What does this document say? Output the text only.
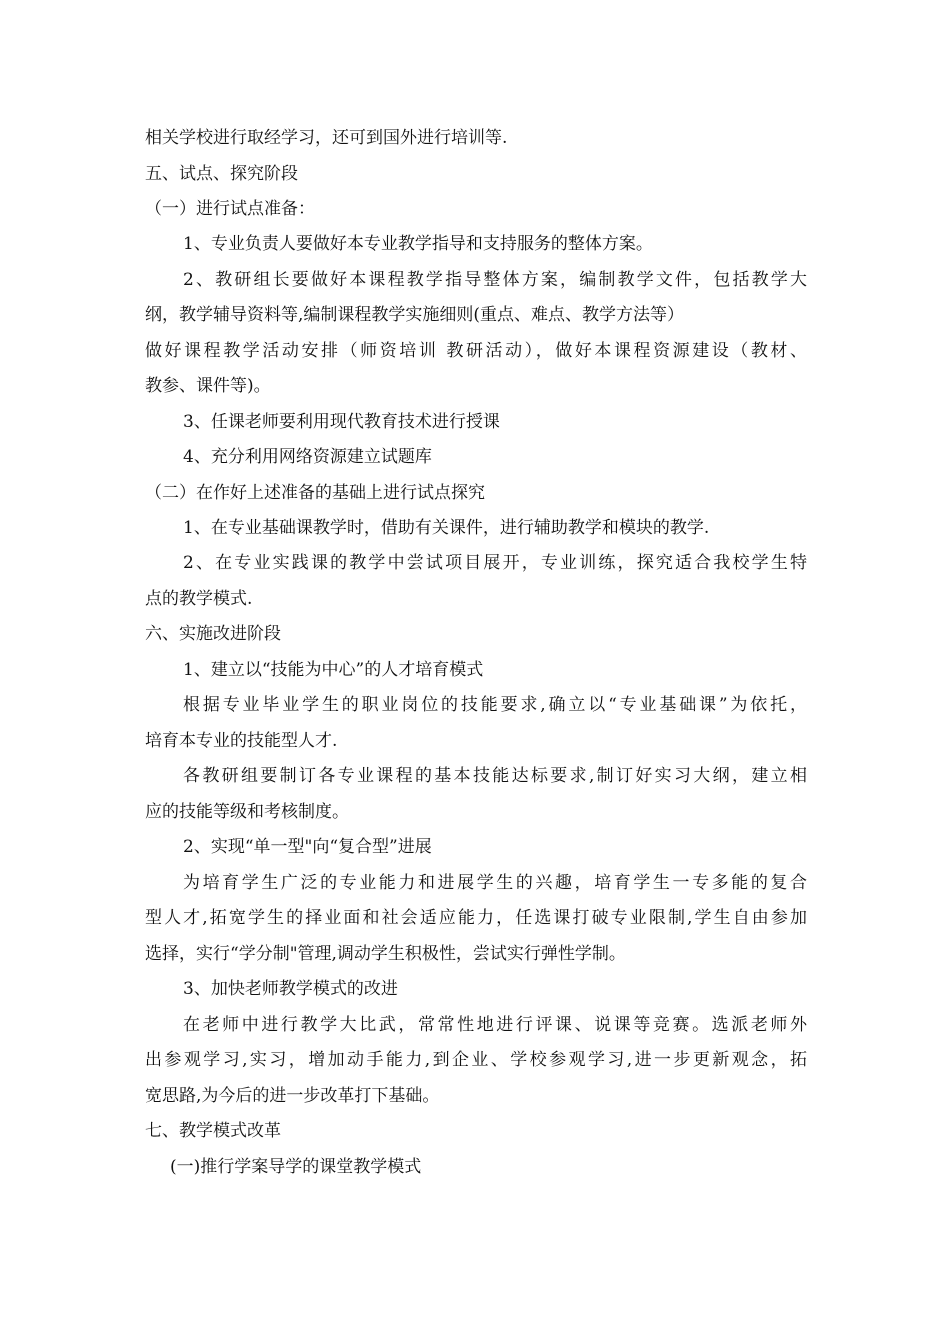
相关学校进行取经学习，还可到国外进行培训等.
五、试点、探究阶段
（一）进行试点准备：
1、专业负责人要做好本专业教学指导和支持服务的整体方案。
2、教研组长要做好本课程教学指导整体方案，编制教学文件，包括教学大
纲，教学辅导资料等,编制课程教学实施细则(重点、难点、教学方法等）
做好课程教学活动安排（师资培训 教研活动），做好本课程资源建设（教材、
教参、课件等)。
3、任课老师要利用现代教育技术进行授课
4、充分利用网络资源建立试题库
（二）在作好上述准备的基础上进行试点探究
1、在专业基础课教学时，借助有关课件，进行辅助教学和模块的教学.
2、在专业实践课的教学中尝试项目展开，专业训练，探究适合我校学生特
点的教学模式.
六、实施改进阶段
1、建立以“技能为中心”的人才培育模式
根据专业毕业学生的职业岗位的技能要求,确立以“专业基础课”为依托，
培育本专业的技能型人才.
各教研组要制订各专业课程的基本技能达标要求,制订好实习大纲，建立相
应的技能等级和考核制度。
2、实现“单一型"向“复合型”进展
为培育学生广泛的专业能力和进展学生的兴趣，培育学生一专多能的复合
型人才,拓宽学生的择业面和社会适应能力，任选课打破专业限制,学生自由参加
选择，实行“学分制"管理,调动学生积极性，尝试实行弹性学制。
3、加快老师教学模式的改进
在老师中进行教学大比武，常常性地进行评课、说课等竞赛。选派老师外
出参观学习,实习，增加动手能力,到企业、学校参观学习,进一步更新观念，拓
宽思路,为今后的进一步改革打下基础。
七、教学模式改革
(一)推行学案导学的课堂教学模式
